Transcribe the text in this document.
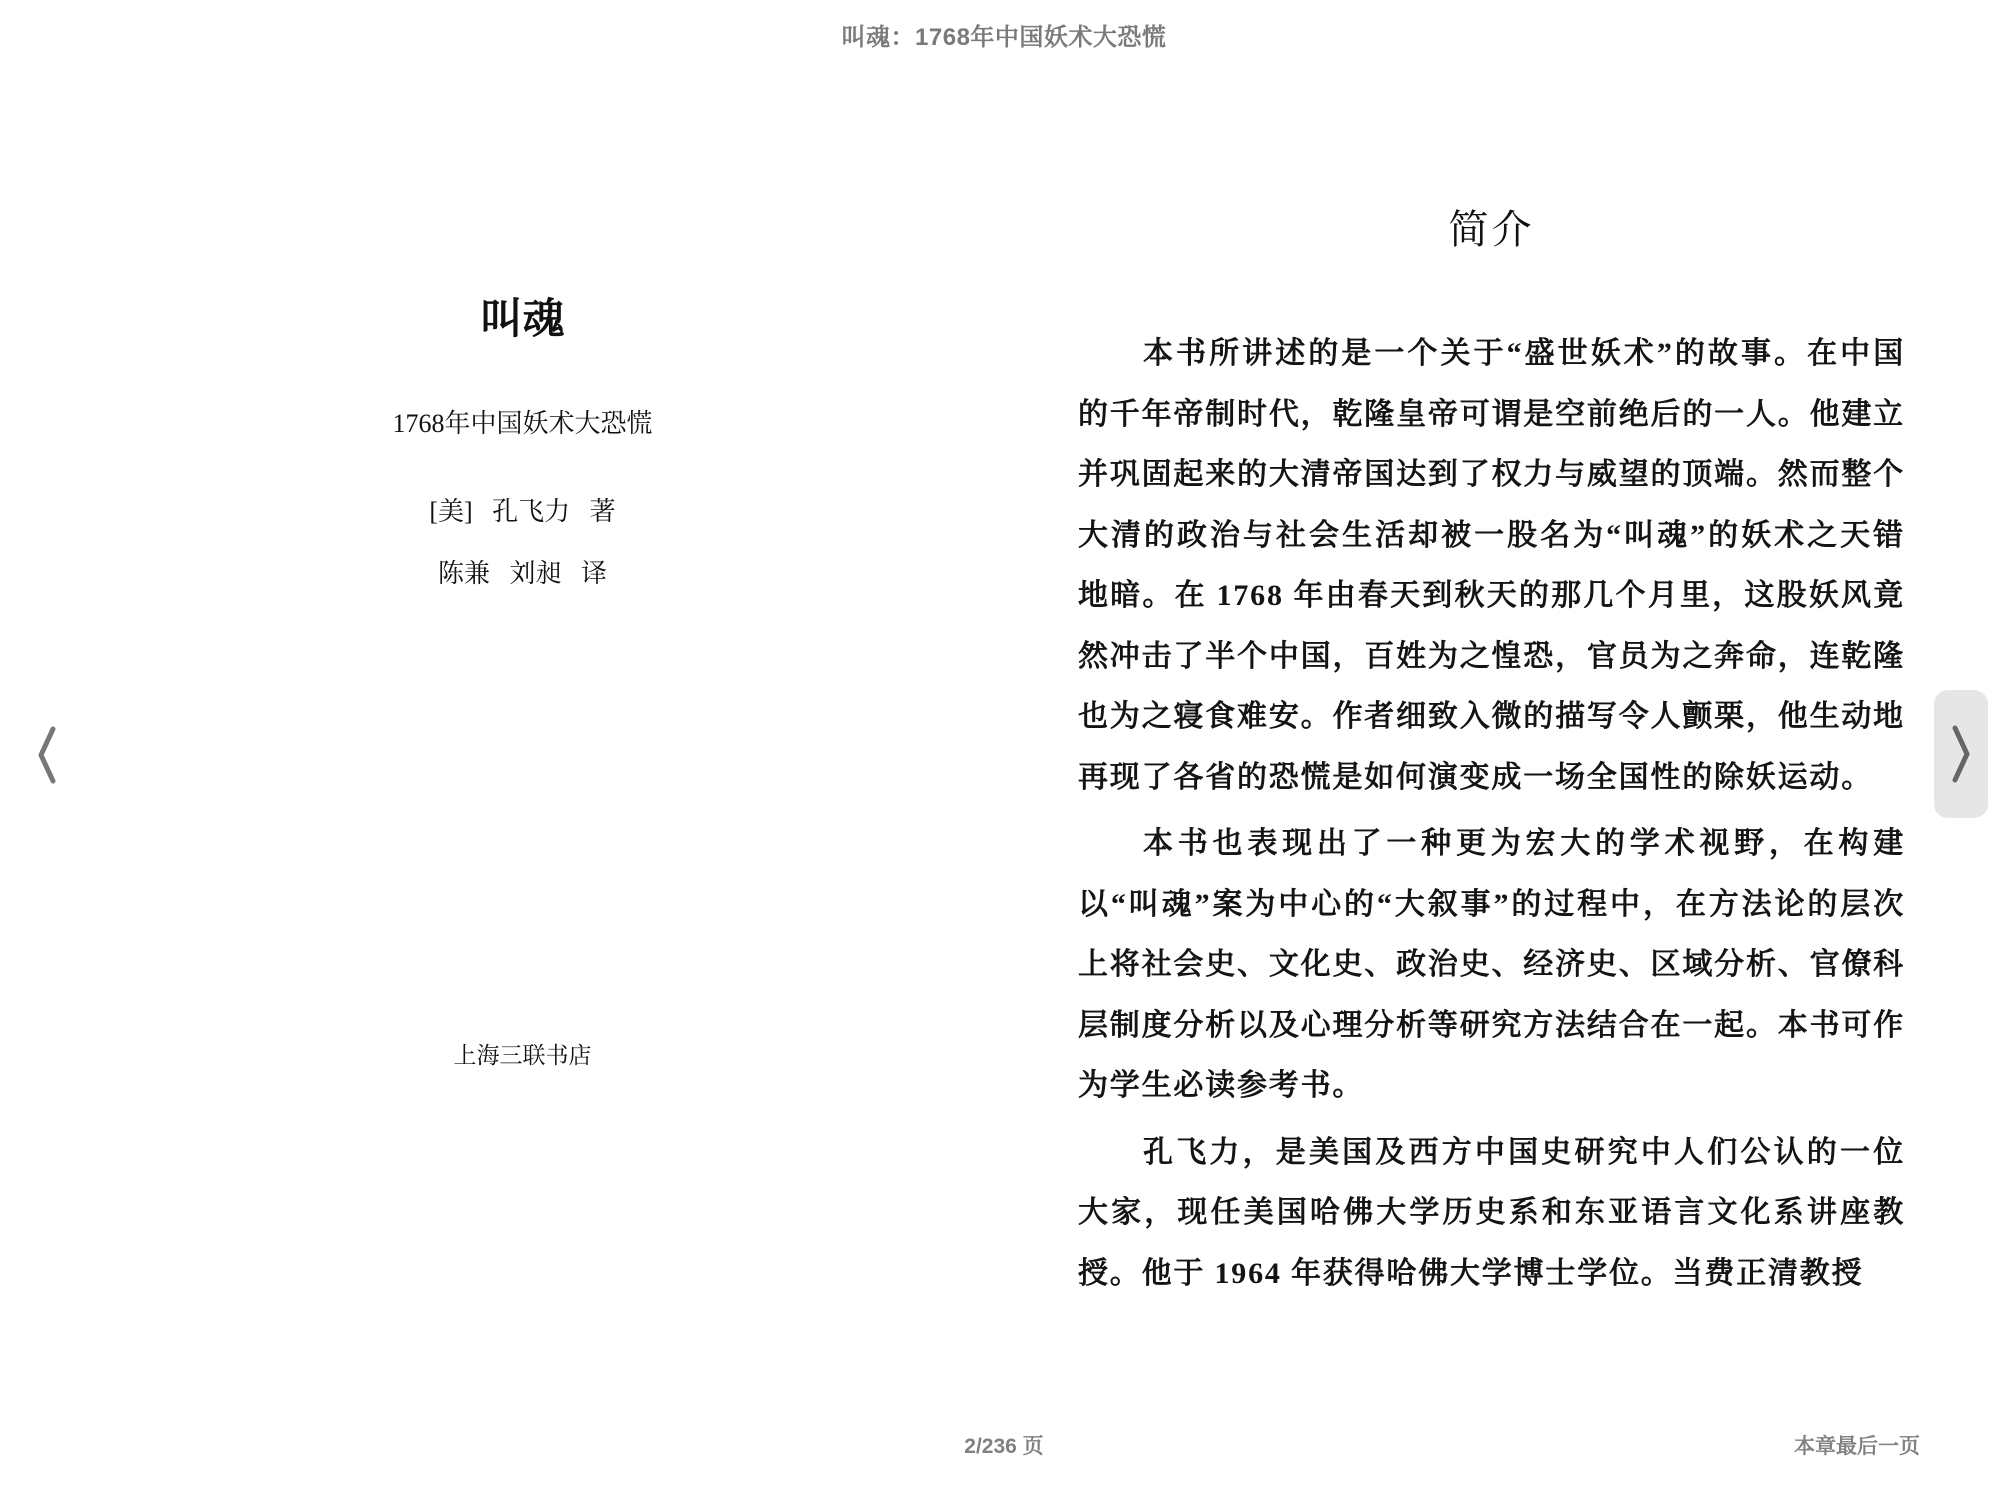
叫魂：1768年中国妖术大恐慌
叫魂
1768年中国妖术大恐慌
[美]   孔飞力   著
陈兼   刘昶   译
上海三联书店
简介

本书所讲述的是一个关于“盛世妖术”的故事。在中国的千年帝制时代，乾隆皇帝可谓是空前绝后的一人。他建立并巩固起来的大清帝国达到了权力与威望的顶端。然而整个大清的政治与社会生活却被一股名为“叫魂”的妖术之天错地暗。在 1768 年由春天到秋天的那几个月里，这股妖风竟然冲击了半个中国，百姓为之惶恐，官员为之奔命，连乾隆也为之寝食难安。作者细致入微的描写令人颤栗，他生动地再现了各省的恐慌是如何演变成一场全国性的除妖运动。

本书也表现出了一种更为宏大的学术视野，在构建以“叫魂”案为中心的“大叙事”的过程中，在方法论的层次上将社会史、文化史、政治史、经济史、区域分析、官僚科层制度分析以及心理分析等研究方法结合在一起。本书可作为学生必读参考书。

孔飞力，是美国及西方中国史研究中人们公认的一位大家，现任美国哈佛大学历史系和东亚语言文化系讲座教授。他于 1964 年获得哈佛大学博士学位。当费正清教授

2/236 页	本章最后一页
